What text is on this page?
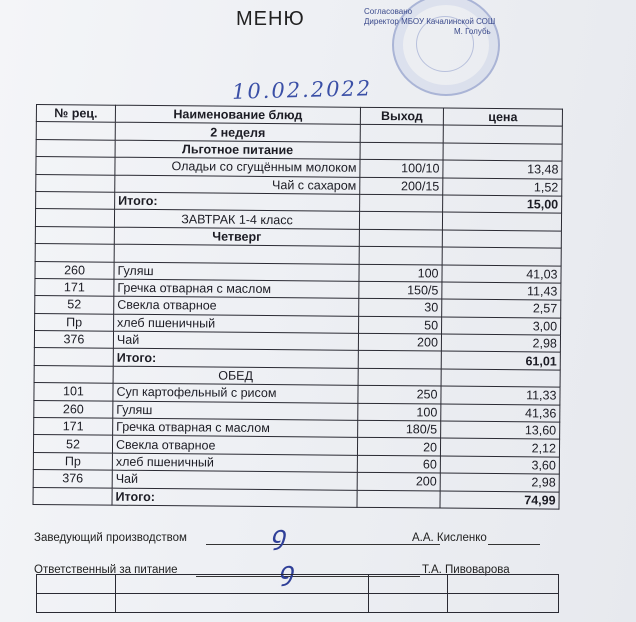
МЕНЮ	Согласовано
Директор МБОУ Качалинской СОШ
М. Голубь
10.02.2022
№ рец.	Наименование блюд	Выход	цена
	2 неделя		
	Льготное питание		
	Оладьи со сгущённым молоком	100/10	13,48
	Чай с сахаром	200/15	1,52
	Итого:		15,00
	ЗАВТРАК 1-4 класс		
	Четверг		

260	Гуляш	100	41,03
171	Гречка отварная с маслом	150/5	11,43
52	Свекла отварное	30	2,57
Пр	хлеб пшеничный	50	3,00
376	Чай	200	2,98
	Итого:		61,01
	ОБЕД		
101	Суп картофельный с рисом	250	11,33
260	Гуляш	100	41,36
171	Гречка отварная с маслом	180/5	13,60
52	Свекла отварное	20	2,12
Пр	хлеб пшеничный	60	3,60
376	Чай	200	2,98
	Итого:		74,99
Заведующий производством	А.А. Кисленко
ꝯ
Ответственный за питание	Т.А. Пивоварова
ꝯ
